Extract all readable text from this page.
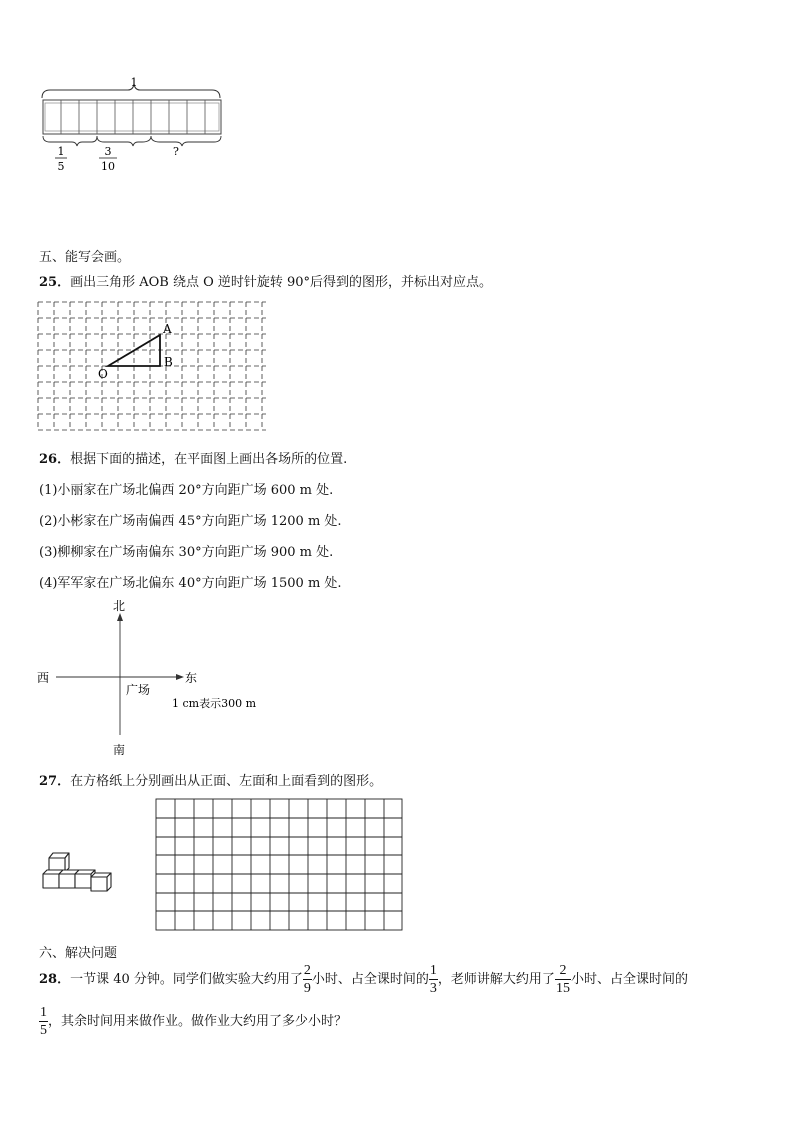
1
1
5
3
10
?
五、能写会画。
25．画出三角形 AOB 绕点 O 逆时针旋转 90°后得到的图形，并标出对应点。
A
B
O
26．根据下面的描述，在平面图上画出各场所的位置.
(1)小丽家在广场北偏西 20°方向距广场 600 m 处.
(2)小彬家在广场南偏西 45°方向距广场 1200 m 处.
(3)柳柳家在广场南偏东 30°方向距广场 900 m 处.
(4)军军家在广场北偏东 40°方向距广场 1500 m 处.
北
南
西	东
广场
1 cm表示300 m
27．在方格纸上分别画出从正面、左面和上面看到的图形。
六、解决问题
28．一节课 40 分钟。同学们做实验大约用了 $\frac{2}{9}$ 小时、占全课时间的 $\frac{1}{3}$ ，老师讲解大约用了 $\frac{2}{15}$ 小时、占全课时间的
$\frac{1}{5}$ ，其余时间用来做作业。做作业大约用了多少小时？
